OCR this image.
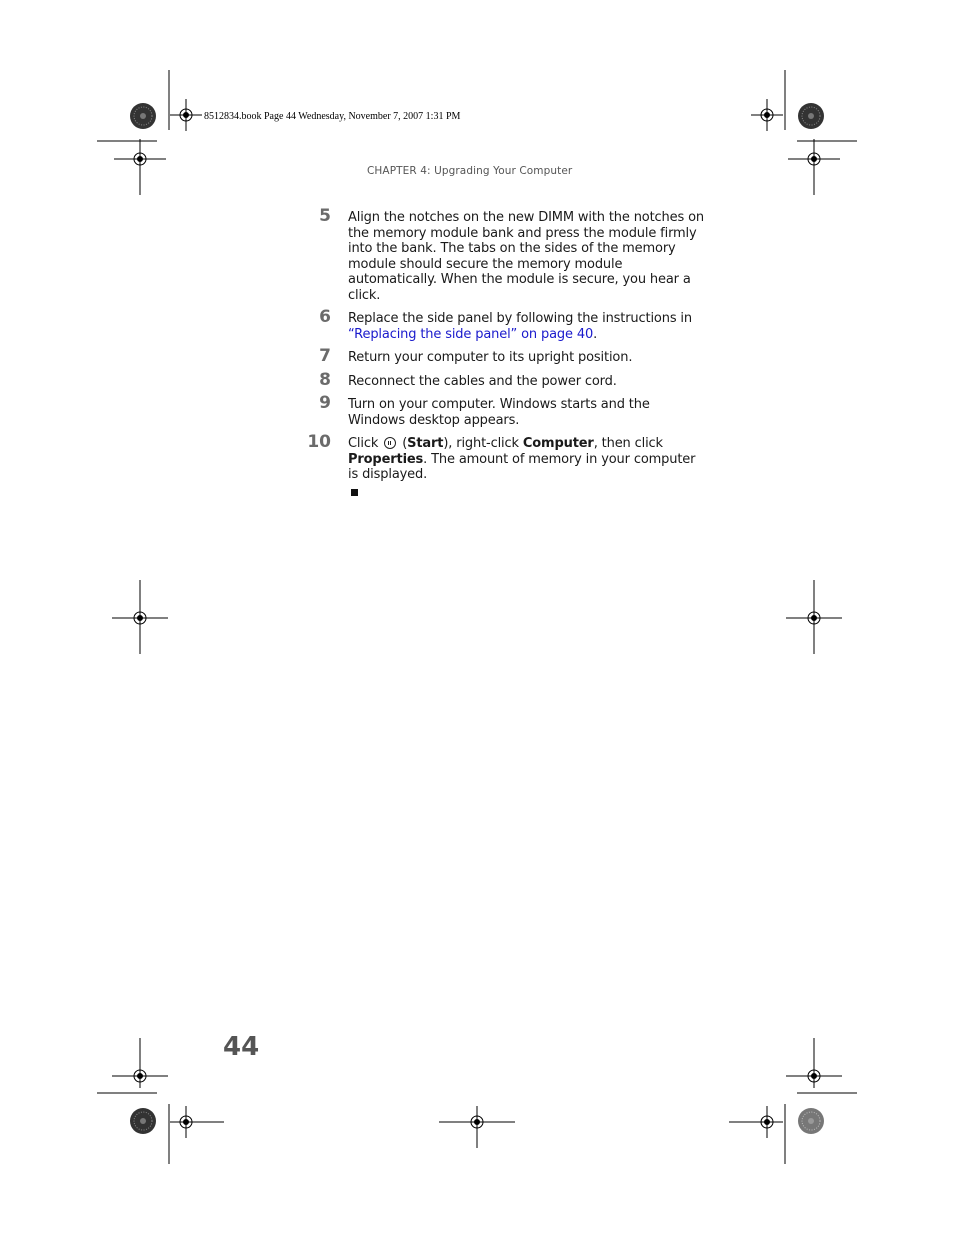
8512834.book Page 44 Wednesday, November 7, 2007 1:31 PM
CHAPTER 4: Upgrading Your Computer
5 Align the notches on the new DIMM with the notches on the memory module bank and press the module firmly into the bank. The tabs on the sides of the memory module should secure the memory module automatically. When the module is secure, you hear a click.
6 Replace the side panel by following the instructions in “Replacing the side panel” on page 40.
7 Return your computer to its upright position.
8 Reconnect the cables and the power cord.
9 Turn on your computer. Windows starts and the Windows desktop appears.
10 Click  (Start), right-click Computer, then click Properties. The amount of memory in your computer is displayed.
44
